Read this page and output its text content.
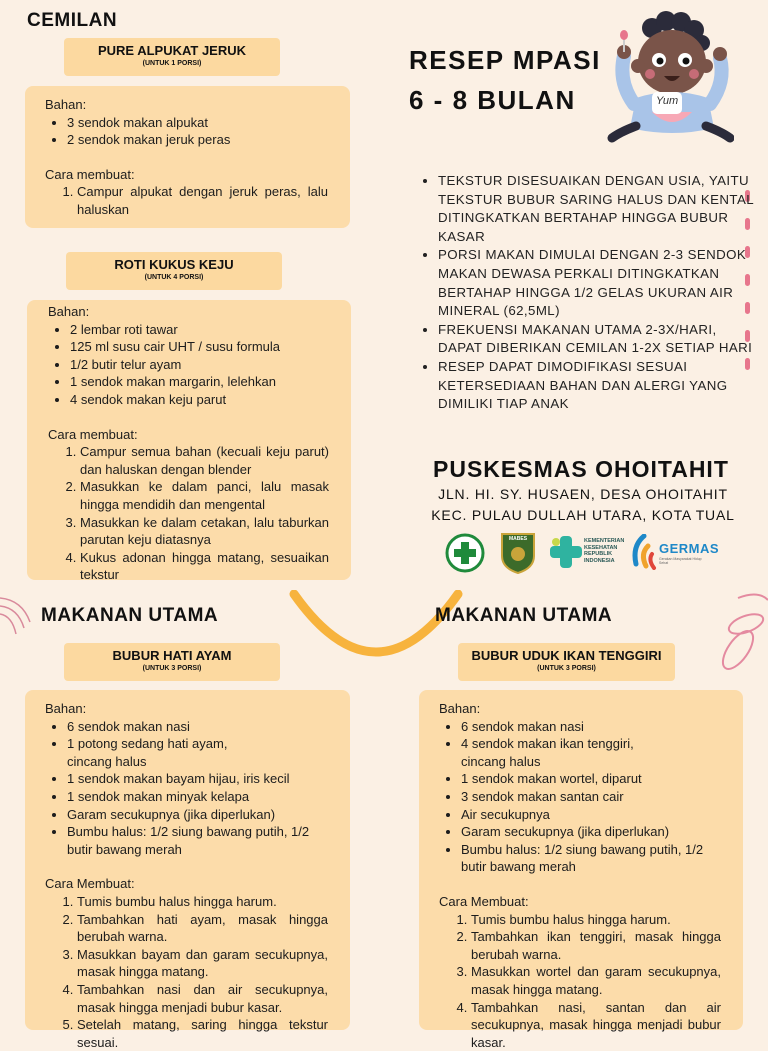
CEMILAN
PURE ALPUKAT JERUK
(UNTUK 1 PORSI)
Bahan:
• 3 sendok makan alpukat
• 2 sendok makan jeruk peras
Cara membuat:
1. Campur alpukat dengan jeruk peras, lalu haluskan
ROTI KUKUS KEJU
(UNTUK 4 PORSI)
Bahan:
• 2 lembar roti tawar
• 125 ml susu cair UHT / susu formula
• 1/2 butir telur ayam
• 1 sendok makan margarin, lelehkan
• 4 sendok makan keju parut
Cara membuat:
1. Campur semua bahan (kecuali keju parut) dan haluskan dengan blender
2. Masukkan ke dalam panci, lalu masak hingga mendidih dan mengental
3. Masukkan ke dalam cetakan, lalu taburkan parutan keju diatasnya
4. Kukus adonan hingga matang, sesuaikan tekstur
RESEP MPASI
6 - 8 BULAN	Yum
• TEKSTUR DISESUAIKAN DENGAN USIA, YAITU TEKSTUR BUBUR SARING HALUS DAN KENTAL DITINGKATKAN BERTAHAP HINGGA BUBUR KASAR
• PORSI MAKAN DIMULAI DENGAN 2-3 SENDOK MAKAN DEWASA PERKALI DITINGKATKAN BERTAHAP HINGGA 1/2 GELAS UKURAN AIR MINERAL (62,5ML)
• FREKUENSI MAKANAN UTAMA 2-3X/HARI, DAPAT DIBERIKAN CEMILAN 1-2X SETIAP HARI
• RESEP DAPAT DIMODIFIKASI SESUAI KETERSEDIAAN BAHAN DAN ALERGI YANG DIMILIKI TIAP ANAK
PUSKESMAS OHOITAHIT
JLN. HI. SY. HUSAEN, DESA OHOITAHIT
KEC. PULAU DULLAH UTARA, KOTA TUAL
MABES	KEMENTERIAN KESEHATAN REPUBLIK INDONESIA
GERMAS
Gerakan Masyarakat Hidup Sehat
MAKANAN UTAMA
BUBUR HATI AYAM
(UNTUK 3 PORSI)
Bahan:
• 6 sendok makan nasi
• 1 potong sedang hati ayam, cincang halus
• 1 sendok makan bayam hijau, iris kecil
• 1 sendok makan minyak kelapa
• Garam secukupnya (jika diperlukan)
• Bumbu halus: 1/2 siung bawang putih, 1/2 butir bawang merah
Cara Membuat:
1. Tumis bumbu halus hingga harum.
2. Tambahkan hati ayam, masak hingga berubah warna.
3. Masukkan bayam dan garam secukupnya, masak hingga matang.
4. Tambahkan nasi dan air secukupnya, masak hingga menjadi bubur kasar.
5. Setelah matang, saring hingga tekstur sesuai.
MAKANAN UTAMA
BUBUR UDUK IKAN TENGGIRI
(UNTUK 3 PORSI)
Bahan:
• 6 sendok makan nasi
• 4 sendok makan ikan tenggiri, cincang halus
• 1 sendok makan wortel, diparut
• 3 sendok makan santan cair
• Air secukupnya
• Garam secukupnya (jika diperlukan)
• Bumbu halus: 1/2 siung bawang putih, 1/2 butir bawang merah
Cara Membuat:
1. Tumis bumbu halus hingga harum.
2. Tambahkan ikan tenggiri, masak hingga berubah warna.
3. Masukkan wortel dan garam secukupnya, masak hingga matang.
4. Tambahkan nasi, santan dan air secukupnya, masak hingga menjadi bubur kasar.
